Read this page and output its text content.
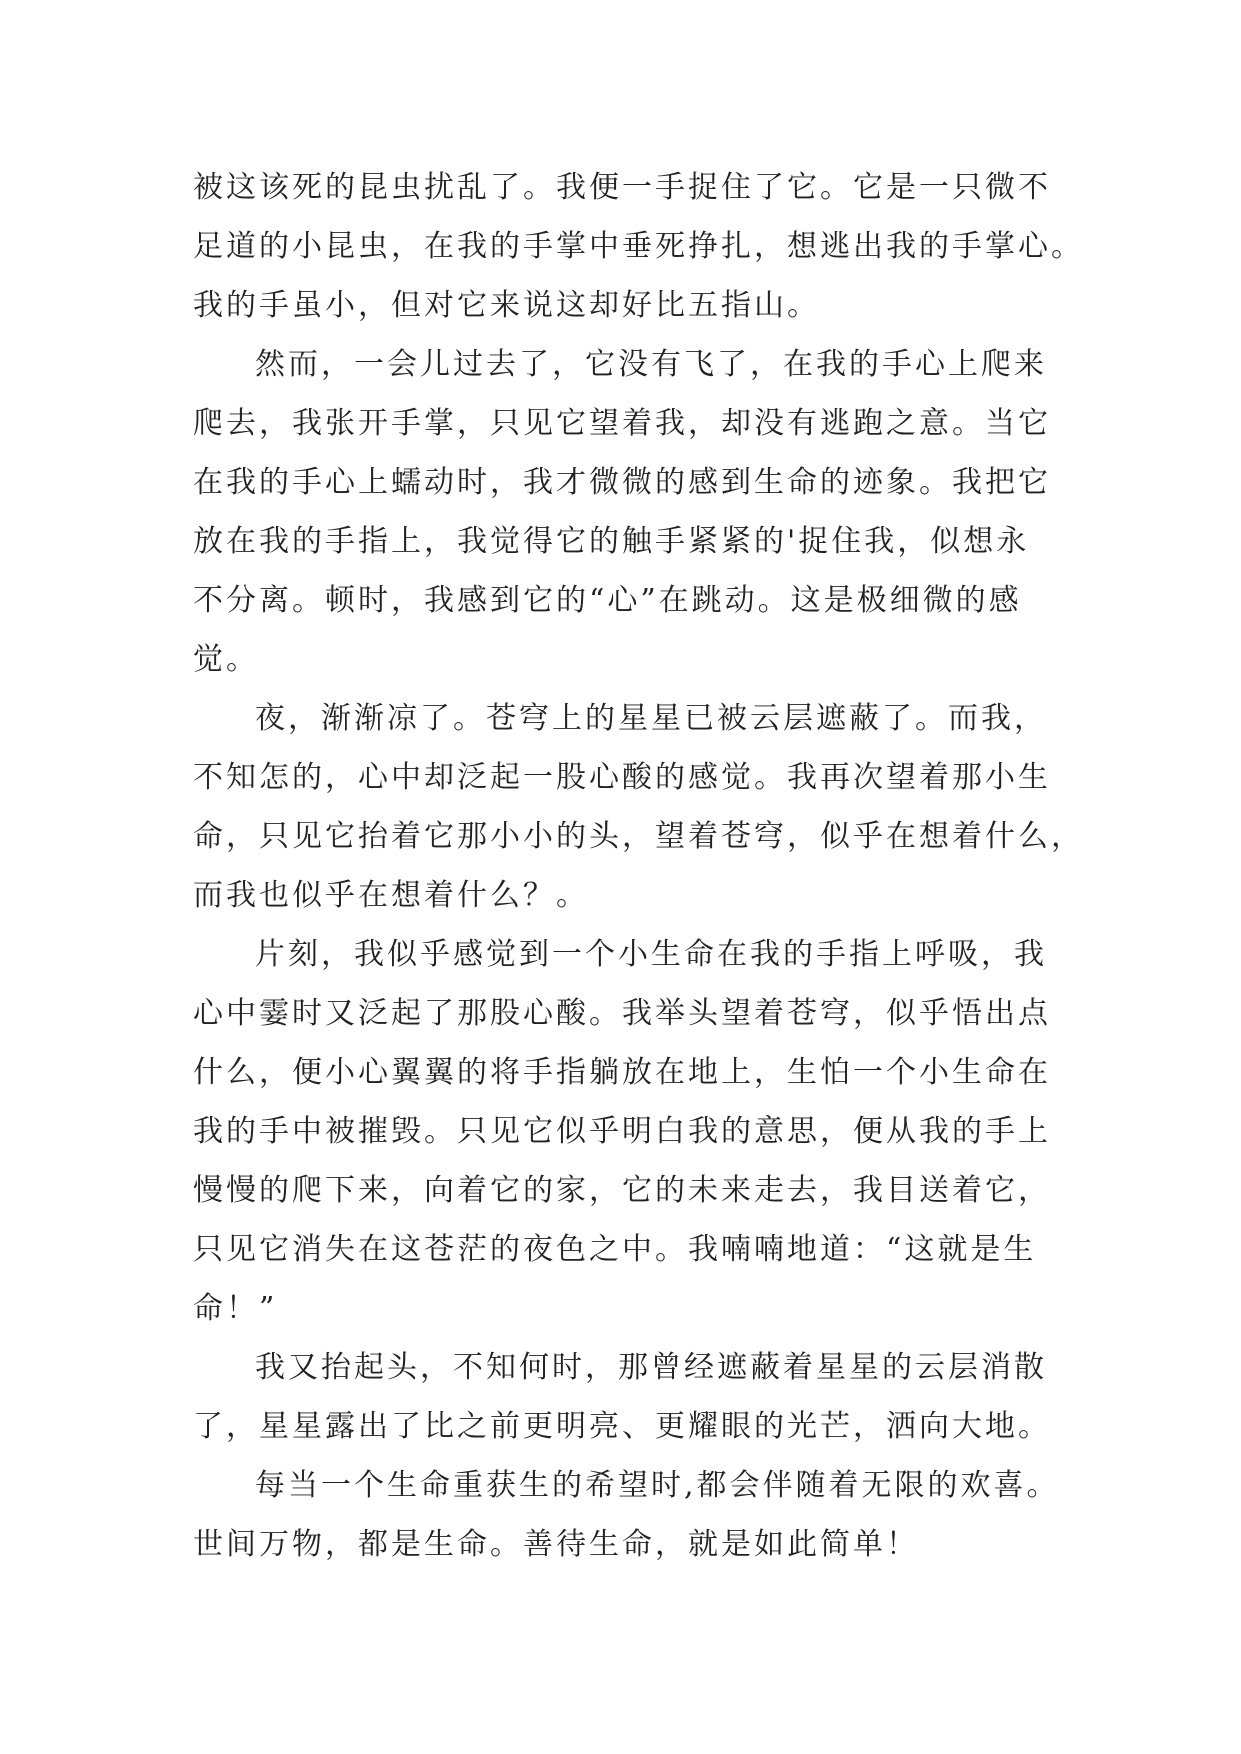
被这该死的昆虫扰乱了。我便一手捉住了它。它是一只微不
足道的小昆虫，在我的手掌中垂死挣扎，想逃出我的手掌心。
我的手虽小，但对它来说这却好比五指山。
然而，一会儿过去了，它没有飞了，在我的手心上爬来
爬去，我张开手掌，只见它望着我，却没有逃跑之意。当它
在我的手心上蠕动时，我才微微的感到生命的迹象。我把它
放在我的手指上，我觉得它的触手紧紧的'捉住我，似想永
不分离。顿时，我感到它的“心”在跳动。这是极细微的感
觉。
夜，渐渐凉了。苍穹上的星星已被云层遮蔽了。而我，
不知怎的，心中却泛起一股心酸的感觉。我再次望着那小生
命，只见它抬着它那小小的头，望着苍穹，似乎在想着什么，
而我也似乎在想着什么？。
片刻，我似乎感觉到一个小生命在我的手指上呼吸，我
心中霎时又泛起了那股心酸。我举头望着苍穹，似乎悟出点
什么，便小心翼翼的将手指躺放在地上，生怕一个小生命在
我的手中被摧毁。只见它似乎明白我的意思，便从我的手上
慢慢的爬下来，向着它的家，它的未来走去，我目送着它，
只见它消失在这苍茫的夜色之中。我喃喃地道：“这就是生
命！”
我又抬起头，不知何时，那曾经遮蔽着星星的云层消散
了，星星露出了比之前更明亮、更耀眼的光芒，洒向大地。
每当一个生命重获生的希望时,都会伴随着无限的欢喜。
世间万物，都是生命。善待生命，就是如此简单！
